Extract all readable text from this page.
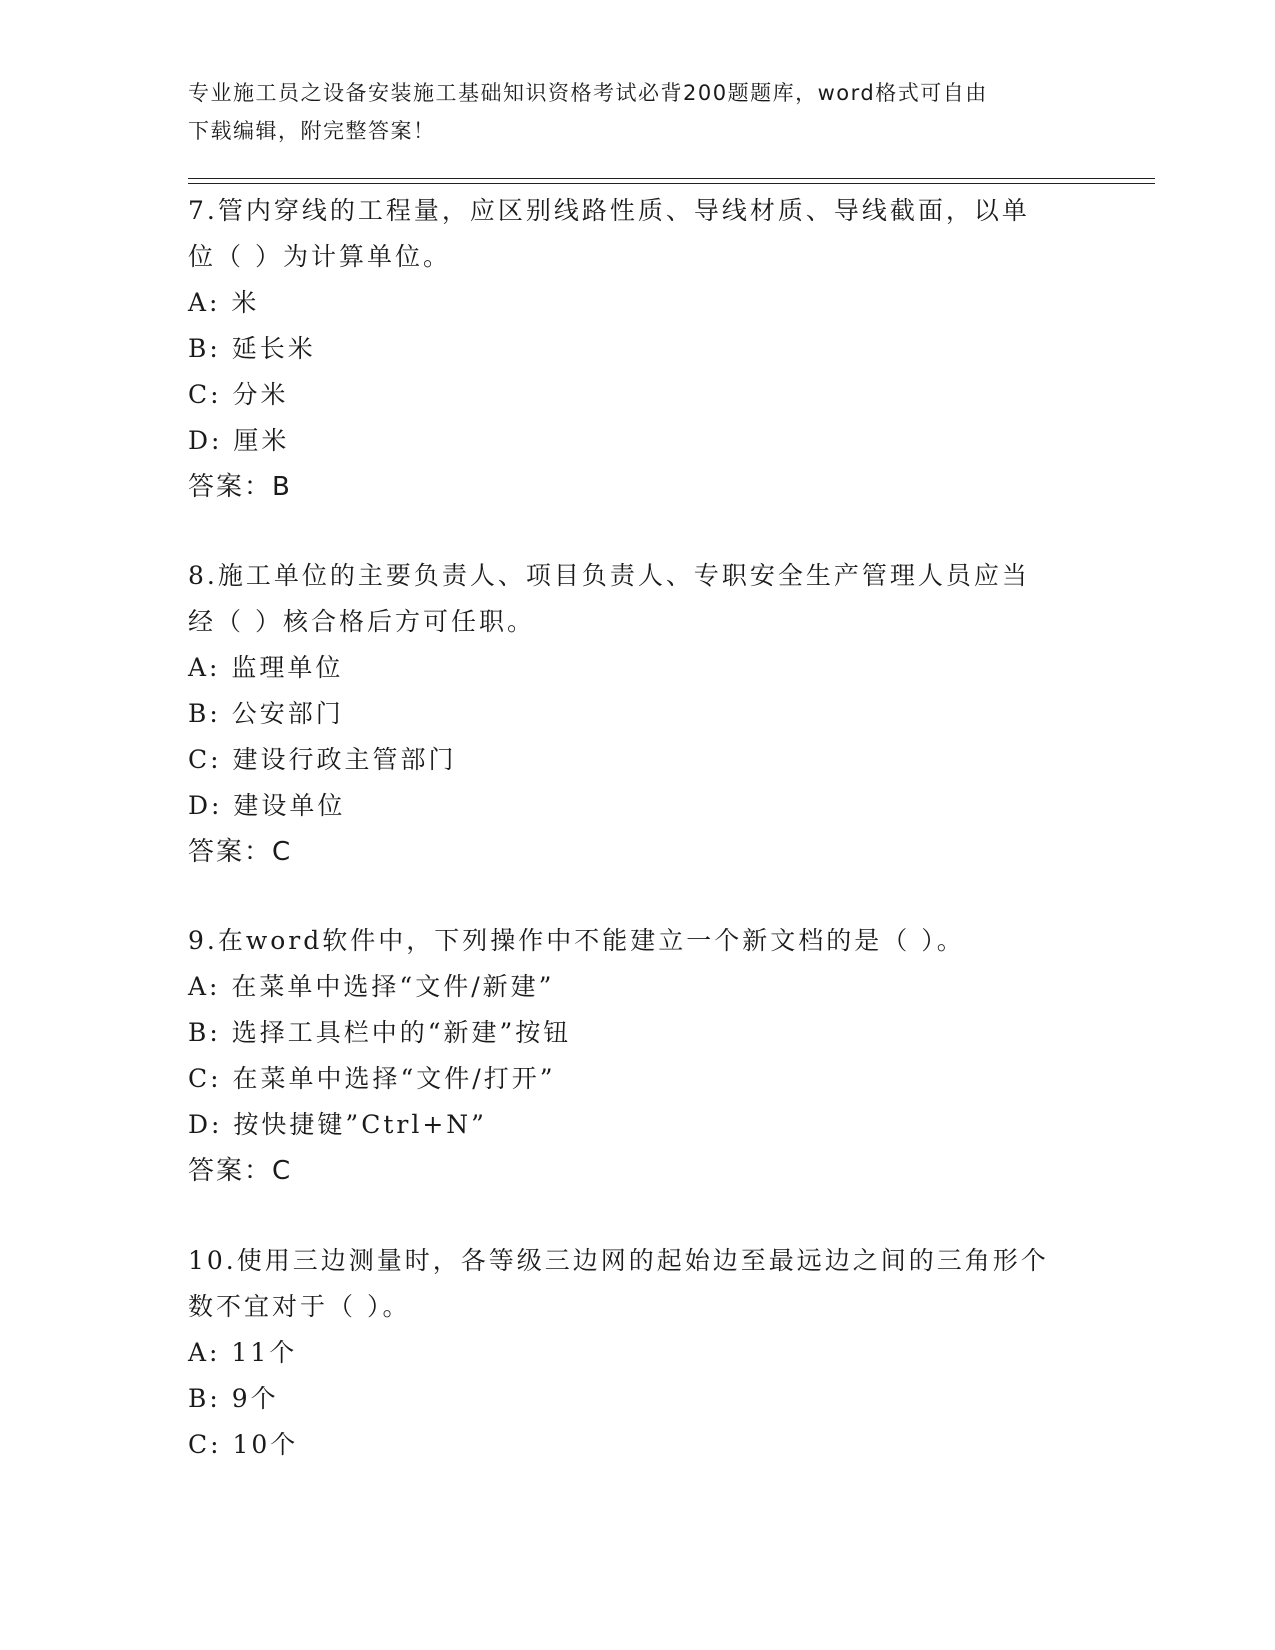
专业施工员之设备安装施工基础知识资格考试必背200题题库，word格式可自由
下载编辑，附完整答案！
7.管内穿线的工程量，应区别线路性质、导线材质、导线截面，以单
位（ ）为计算单位。
A: 米
B: 延长米
C: 分米
D: 厘米
答案：B
8.施工单位的主要负责人、项目负责人、专职安全生产管理人员应当
经（ ）核合格后方可任职。
A: 监理单位
B: 公安部门
C: 建设行政主管部门
D: 建设单位
答案：C
9.在word软件中，下列操作中不能建立一个新文档的是（ ）。
A: 在菜单中选择“文件/新建”
B: 选择工具栏中的“新建”按钮
C: 在菜单中选择“文件/打开”
D: 按快捷键”Ctrl+N”
答案：C
10.使用三边测量时，各等级三边网的起始边至最远边之间的三角形个
数不宜对于（ ）。
A: 11个
B: 9个
C: 10个
